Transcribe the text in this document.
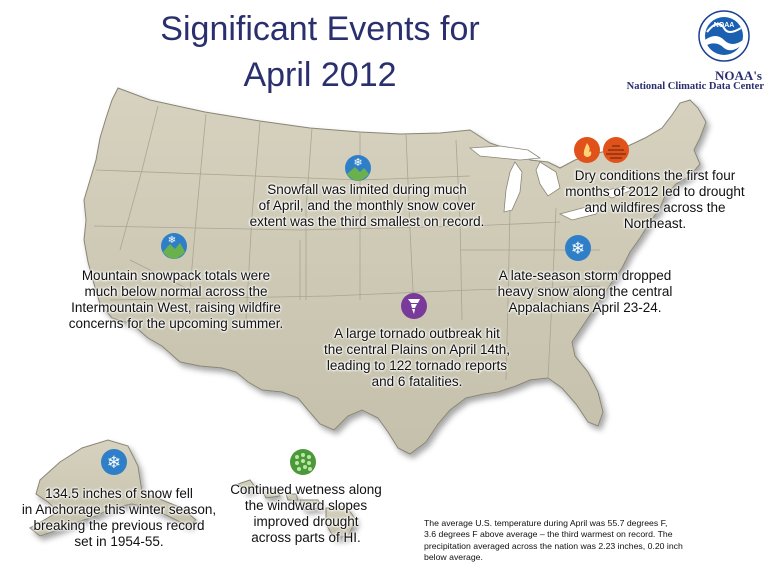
Significant Events for
April 2012
NOAA
NOAA's
National Climatic Data Center
❄
❄	❄
❄
Snowfall was limited during much
of April, and the monthly snow cover
extent was the third smallest on record.
Dry conditions the first four
months of 2012 led to drought
and wildfires across the
Northeast.
Mountain snowpack totals were
much below normal across the
Intermountain West, raising wildfire
concerns for the upcoming summer.
A late-season storm dropped
heavy snow along the central
Appalachians April 23-24.
A large tornado outbreak hit
the central Plains on April 14th,
leading to 122 tornado reports
and 6 fatalities.
134.5 inches of snow fell
in Anchorage this winter season,
breaking the previous record
set in 1954-55.
Continued wetness along
the windward slopes
improved drought
across parts of HI.
The average U.S. temperature during April was 55.7 degrees F,
3.6 degrees F above average – the third warmest on record. The
precipitation averaged across the nation was 2.23 inches, 0.20 inch
below average.
